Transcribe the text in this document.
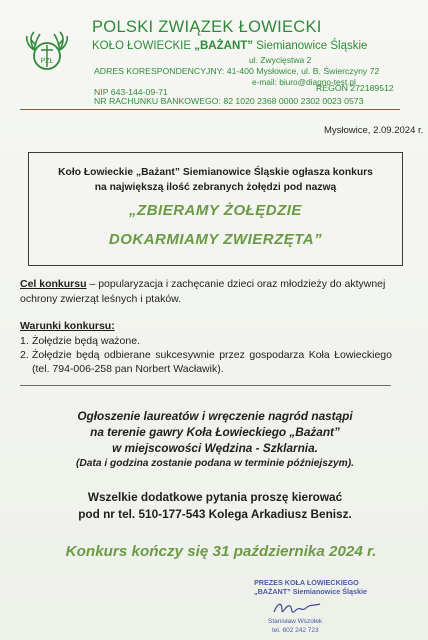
PZŁ
POLSKI ZWIĄZEK ŁOWIECKI
KOŁO ŁOWIECKIE „BAŻANT” Siemianowice Śląskie
ul. Zwycięstwa 2
ADRES KORESPONDENCYJNY: 41-400 Mysłowice, ul. B. Świerczyny 72
e-mail: biuro@diagno-test.pl
NIP 643-144-09-71	REGON 272189512
NR RACHUNKU BANKOWEGO: 82 1020 2368 0000 2302 0023 0573
Mysłowice, 2.09.2024 r.
Koło Łowieckie „Bażant” Siemianowice Śląskie ogłasza konkurs
na największą ilość zebranych żołędzi pod nazwą
„ZBIERAMY ŻOŁĘDZIE
DOKARMIAMY ZWIERZĘTA”
Cel konkursu – popularyzacja i zachęcanie dzieci oraz młodzieży do aktywnej ochrony zwierząt leśnych i ptaków.
Warunki konkursu:
1. Żołędzie będą ważone.
2. Żołędzie będą odbierane sukcesywnie przez gospodarza Koła Łowieckiego (tel. 794-006-258 pan Norbert Wacławik).
Ogłoszenie laureatów i wręczenie nagród nastąpi
na terenie gawry Koła Łowieckiego „Bażant”
w miejscowości Wędzina - Szklarnia.
(Data i godzina zostanie podana w terminie późniejszym).
Wszelkie dodatkowe pytania proszę kierować
pod nr tel. 510-177-543 Kolega Arkadiusz Benisz.
Konkurs kończy się 31 października 2024 r.
PREZES KOŁA ŁOWIECKIEGO
„BAŻANT” Siemianowice Śląskie
Stanisław Wszołek
tel. 602 242 723
